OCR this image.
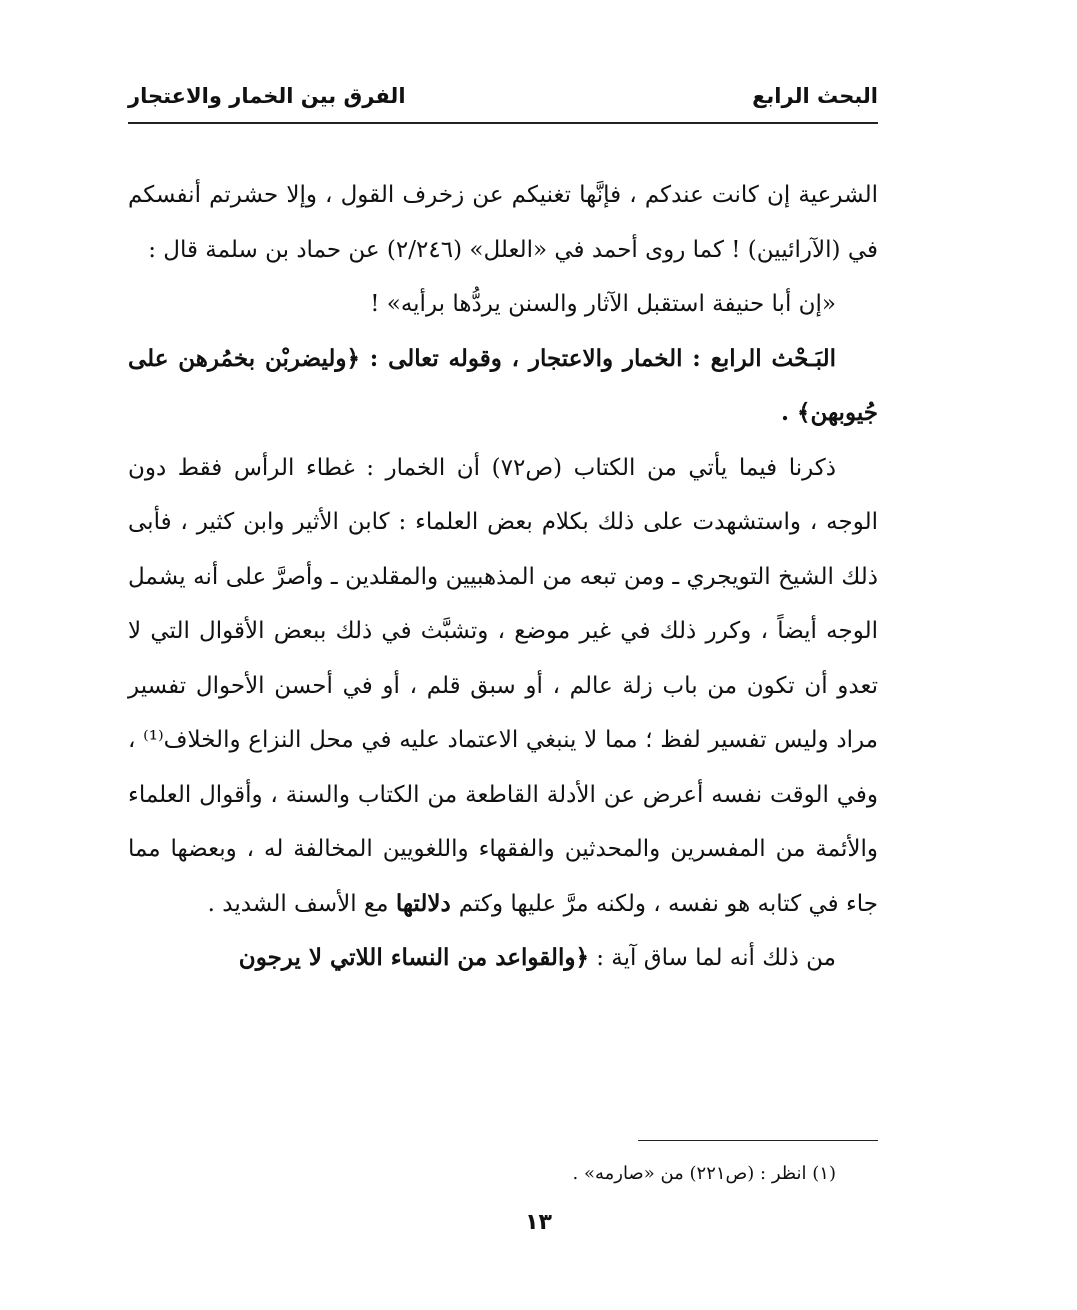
البحث الرابع
الفرق بين الخمار والاعتجار

الشرعية إن كانت عندكم ، فإنَّها تغنيكم عن زخرف القول ، وإلا حشرتم أنفسكم في (الآرائيين) ! كما روى أحمد في «العلل» (٢/٢٤٦) عن حماد بن سلمة قال :

«إن أبا حنيفة استقبل الآثار والسنن يردُّها برأيه» !

البَـحْث الرابع : الخمار والاعتجار ، وقوله تعالى : ﴿وليضربْن بخمُرهن على جُيوبهن﴾ .

ذكرنا فيما يأتي من الكتاب (ص٧٢) أن الخمار : غطاء الرأس فقط دون الوجه ، واستشهدت على ذلك بكلام بعض العلماء : كابن الأثير وابن كثير ، فأبى ذلك الشيخ التويجري ـ ومن تبعه من المذهبيين والمقلدين ـ وأصرَّ على أنه يشمل الوجه أيضاً ، وكرر ذلك في غير موضع ، وتشبَّث في ذلك ببعض الأقوال التي لا تعدو أن تكون من باب زلة عالم ، أو سبق قلم ، أو في أحسن الأحوال تفسير مراد وليس تفسير لفظ ؛ مما لا ينبغي الاعتماد عليه في محل النزاع والخلاف⁽¹⁾ ، وفي الوقت نفسه أعرض عن الأدلة القاطعة من الكتاب والسنة ، وأقوال العلماء والأئمة من المفسرين والمحدثين والفقهاء واللغويين المخالفة له ، وبعضها مما جاء في كتابه هو نفسه ، ولكنه مرَّ عليها وكتم دلالتها مع الأسف الشديد .

من ذلك أنه لما ساق آية : ﴿والقواعد من النساء اللاتي لا يرجون

(١) انظر : (ص٢٢١) من «صارمه» .
١٣
